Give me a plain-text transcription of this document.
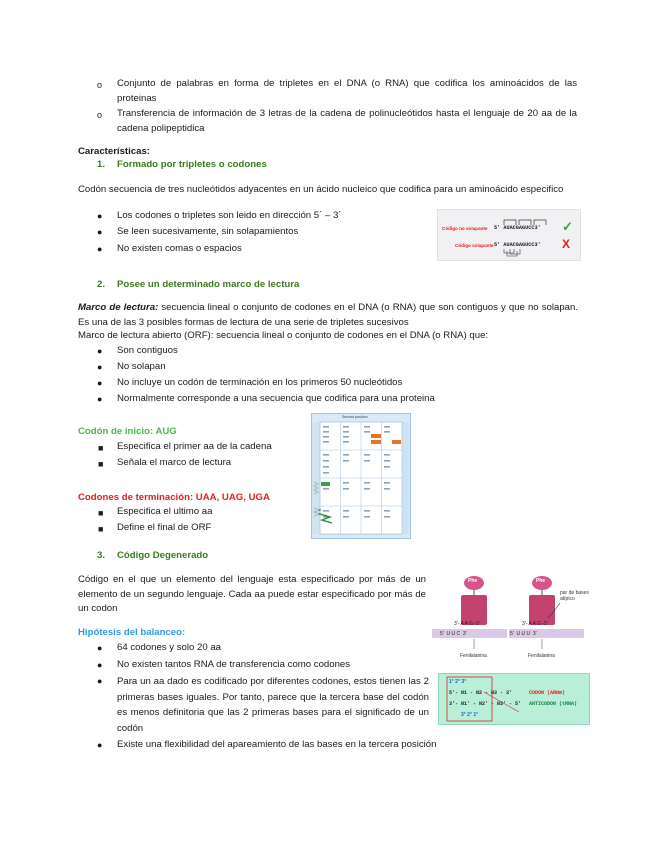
o Conjunto de palabras en forma de tripletes en el DNA (o RNA) que codifica los aminoácidos de las proteinas
o Transferencia de información de 3 letras de la cadena de polinucleótidos hasta el lenguaje de 20 aa de la cadena polipeptidica
Características:
1. Formado por tripletes o codones
Codón secuencia de tres nucleótidos adyacentes en un ácido nucleico que codifica para un aminoácido especifico
● Los codones o tripletes son leido en dirección 5´ – 3´
● Se leen sucesivamente, sin solapamientos
● No existen comas o espacios
Código no solapante 5' AUACGAGUCC3' ✓
Código solapante 5' AUACGAGUCC3' X
2. Posee un determinado marco de lectura
Marco de lectura: secuencia lineal o conjunto de codones en el DNA (o RNA) que son contiguos y que no solapan. Es una de las 3 posibles formas de lectura de una serie de tripletes sucesivos
Marco de lectura abierto (ORF): secuencia lineal o conjunto de codones en el DNA (o RNA) que:
● Son contiguos
● No solapan
● No incluye un codón de terminación en los primeros 50 nucleótidos
● Normalmente corresponde a una secuencia que codifica para una proteina
Codón de inicio: AUG
■ Especifica el primer aa de la cadena
■ Señala el marco de lectura
Codones de terminación: UAA, UAG, UGA
■ Especifica el ultimo aa
■ Define el final de ORF
Second position
3. Código Degenerado
Código en el que un elemento del lenguaje esta especificado por más de un elemento de un segundo lenguaje. Cada aa puede estar especificado por más de un codon
Hipótesis del balanceo:
● 64 codones y solo 20 aa
● No existen tantos RNA de transferencia como codones
● Para un aa dado es codificado por diferentes codones, estos tienen las 2 primeras bases iguales. Por tanto, parece que la tercera base del codón es menos definitoria que las 2 primeras bases para el significado de un codón
● Existe una flexibilidad del apareamiento de las bases en la tercera posición
Phe	Phe
par de bases atípico
3'- A A G -5'
5'  U U C  3'
3'- A A G -5'
5'  U U U  3'
Fenilalanina	Fenilalanina
1° 2° 3°
5'- N1 - N2 - N3 - 3'
3'- N1' - N2' - N3' - 5'
3° 2° 1°
CODON (ARNm)
ANTICODON (tRNA)
